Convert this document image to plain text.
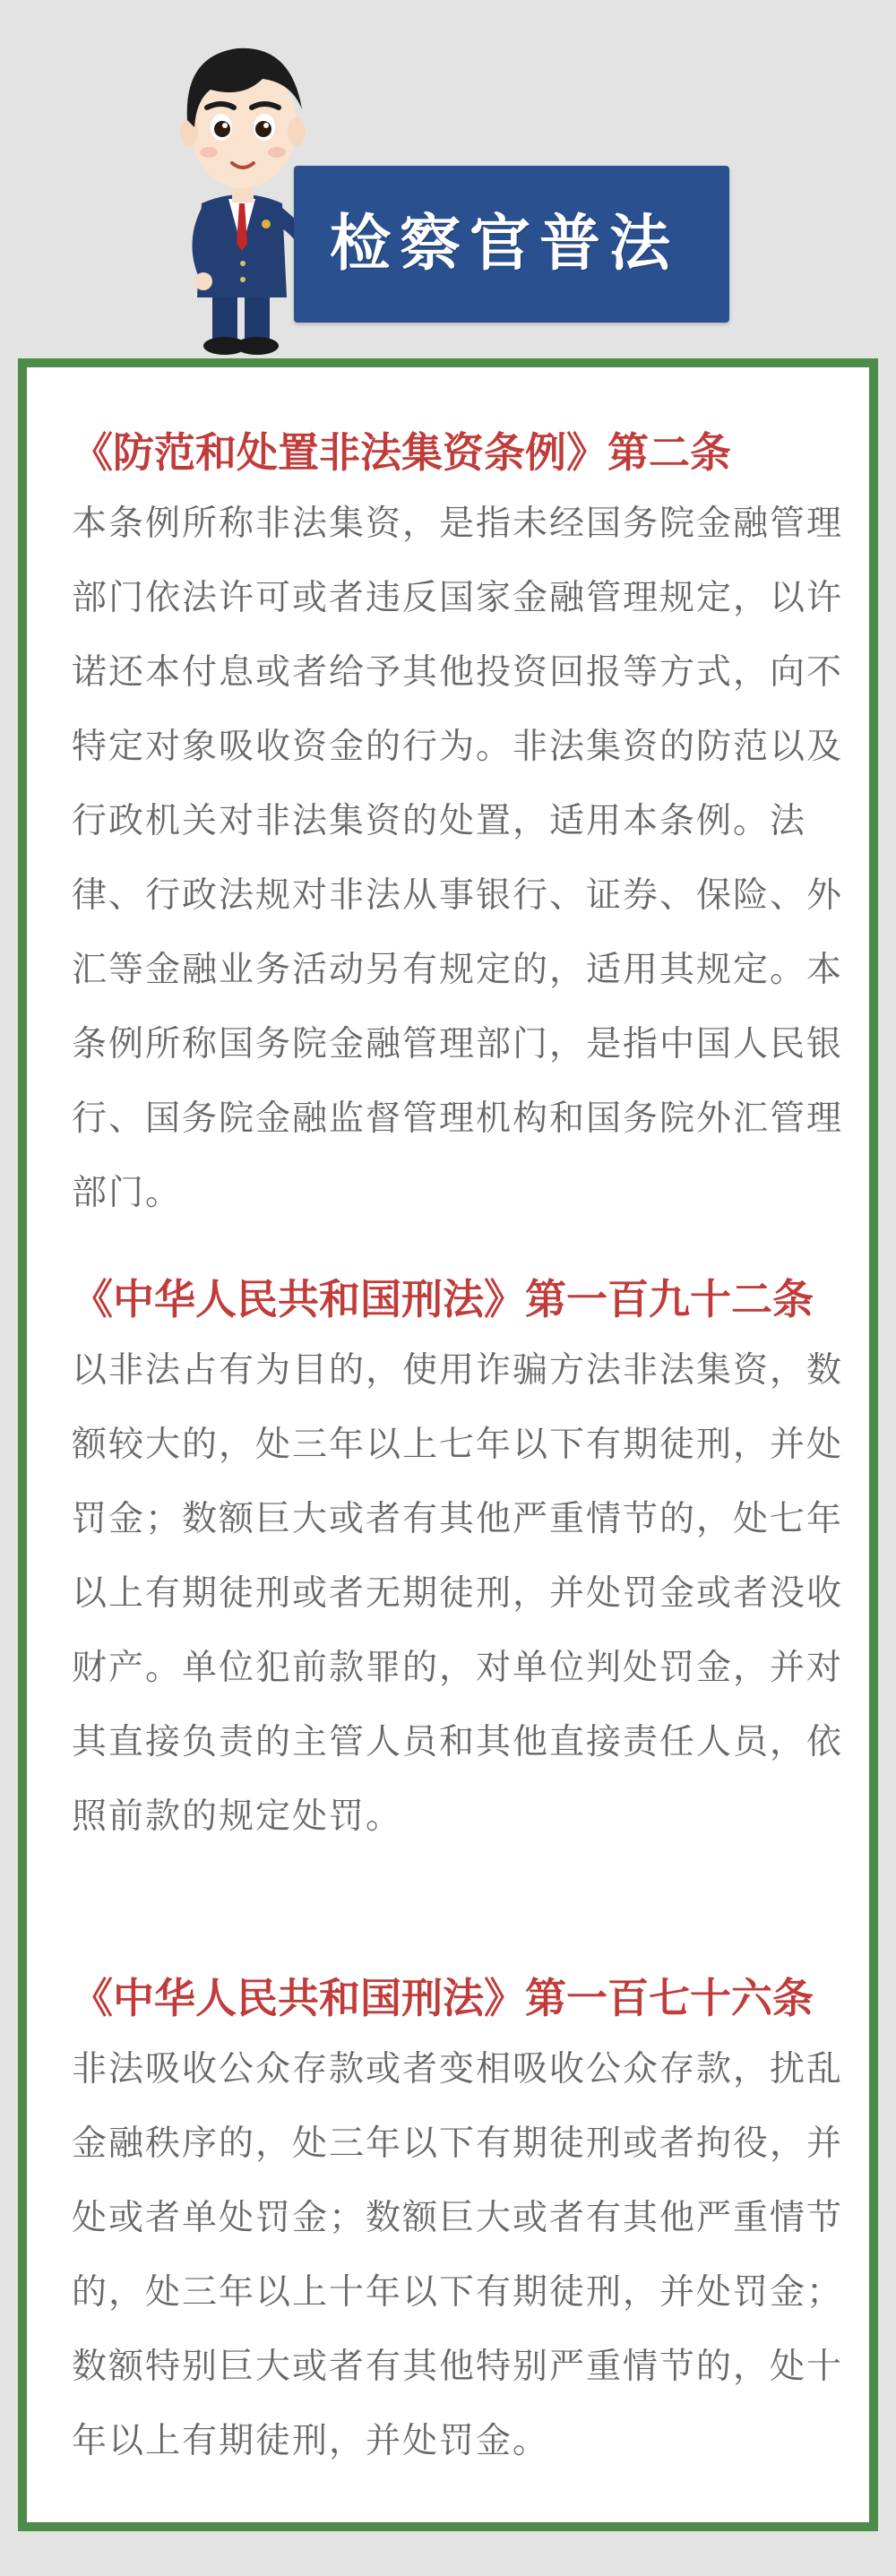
检察官普法
《防范和处置非法集资条例》第二条

本条例所称非法集资，是指未经国务院金融管理部门依法许可或者违反国家金融管理规定，以许诺还本付息或者给予其他投资回报等方式，向不特定对象吸收资金的行为。非法集资的防范以及行政机关对非法集资的处置，适用本条例。法律、行政法规对非法从事银行、证券、保险、外汇等金融业务活动另有规定的，适用其规定。本条例所称国务院金融管理部门，是指中国人民银行、国务院金融监督管理机构和国务院外汇管理部门。

《中华人民共和国刑法》第一百九十二条

以非法占有为目的，使用诈骗方法非法集资，数额较大的，处三年以上七年以下有期徒刑，并处罚金；数额巨大或者有其他严重情节的，处七年以上有期徒刑或者无期徒刑，并处罚金或者没收财产。单位犯前款罪的，对单位判处罚金，并对其直接负责的主管人员和其他直接责任人员，依照前款的规定处罚。

《中华人民共和国刑法》第一百七十六条

非法吸收公众存款或者变相吸收公众存款，扰乱金融秩序的，处三年以下有期徒刑或者拘役，并处或者单处罚金；数额巨大或者有其他严重情节的，处三年以上十年以下有期徒刑，并处罚金；数额特别巨大或者有其他特别严重情节的，处十年以上有期徒刑，并处罚金。
